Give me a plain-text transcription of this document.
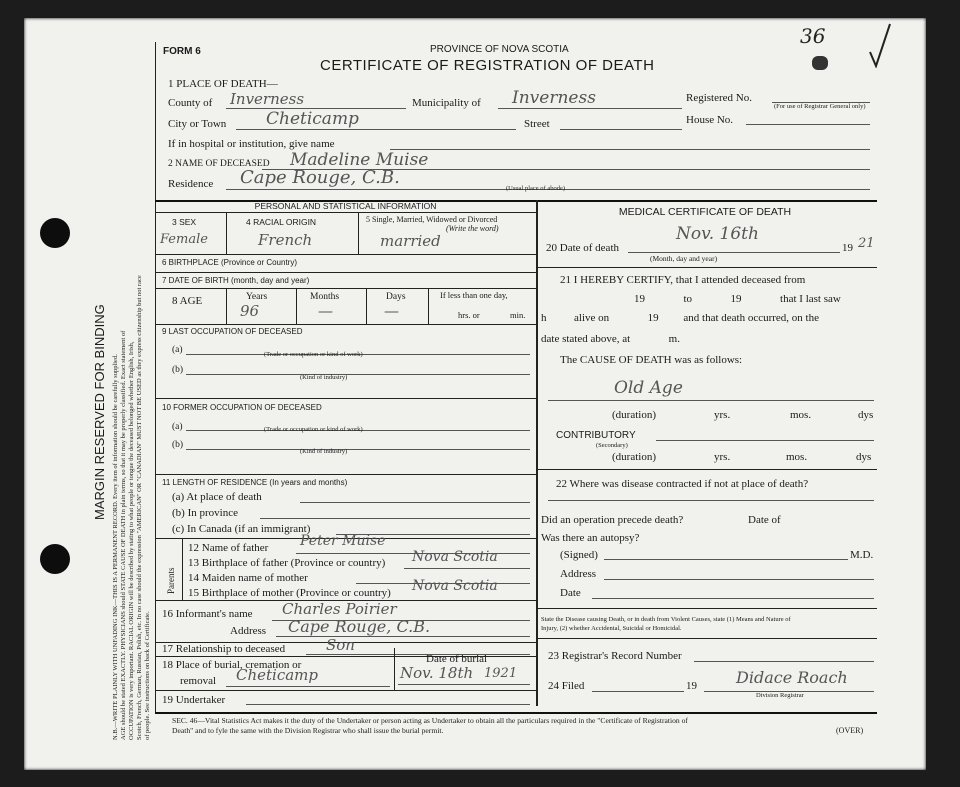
36
MARGIN RESERVED FOR BINDING N.B.—WRITE PLAINLY WITH UNFADING INK—THIS IS A PERMANENT RECORD. Every item of information should be carefully supplied. AGE should be stated EXACTLY. PHYSICIANS should STATE CAUSE OF DEATH in plain terms, so that it may be properly classified. Exact statement of OCCUPATION is very important. RACIAL ORIGIN will be described by stating to what people or tongue the deceased belonged whether English, Irish, Scotch, French, German, Russian, Polish, etc. In no case should the expression "AMERICAN" OR "CANADIAN" MUST NOT BE USED as they express citizenship but not race of people. See instructions on back of Certificate.
FORM 6	PROVINCE OF NOVA SCOTIA
CERTIFICATE OF REGISTRATION OF DEATH
1 PLACE OF DEATH—
County of Inverness	Municipality of Inverness	Registered No.
(For use of Registrar General only)
City or Town Cheticamp	Street	House No.
If in hospital or institution, give name
2 NAME OF DECEASED Madeline Muise
Residence Cape Rouge, C.B.
(Usual place of abode)
PERSONAL AND STATISTICAL INFORMATION
3 SEX
Female
4 RACIAL ORIGIN
French
5 Single, Married, Widowed or Divorced
(Write the word)
married
6 BIRTHPLACE (Province or Country)
7 DATE OF BIRTH (month, day and year)
8 AGE	Years
96
Months
—
Days
—
If less than one day,
hrs. or	min.
9 LAST OCCUPATION OF DECEASED
(a)	(Trade or occupation or kind of work)
(b)
(Kind of industry)
10 FORMER OCCUPATION OF DECEASED
(a)	(Trade or occupation or kind of work)
(b)
(Kind of industry)
11 LENGTH OF RESIDENCE (In years and months)
(a) At place of death
(b) In province
(c) In Canada (if an immigrant)
Parents
12 Name of father Peter Muise
13 Birthplace of father (Province or country) Nova Scotia
14 Maiden name of mother
15 Birthplace of mother (Province or country) Nova Scotia
16 Informant's name Charles Poirier
Address Cape Rouge, C.B.
17 Relationship to deceased	Son
18 Place of burial, cremation or
removal Cheticamp
Date of burial
Nov. 18th 1921
19 Undertaker
MEDICAL CERTIFICATE OF DEATH
20 Date of death
Nov. 16th
19 21
(Month, day and year)
21 I HEREBY CERTIFY, that I attended deceased from
19              to              19              that I last saw
h          alive on              19         and that death occurred, on the
date stated above, at              m.
The CAUSE OF DEATH was as follows:
Old Age
(duration)	yrs.	mos.	dys
CONTRIBUTORY
(Secondary)
(duration)	yrs.	mos.	dys
22 Where was disease contracted if not at place of death?
Did an operation precede death?	Date of
Was there an autopsy?
(Signed)	M.D.
Address
Date
State the Disease causing Death, or in death from Violent Causes, state (1) Means and Nature of
Injury, (2) whether Accidental, Suicidal or Homicidal.
23 Registrar's Record Number
24 Filed	19 Didace Roach
Division Registrar
SEC. 46—Vital Statistics Act makes it the duty of the Undertaker or person acting as Undertaker to obtain all the particulars required in the "Certificate of Registration of
Death" and to fyle the same with the Division Registrar who shall issue the burial permit.	(OVER)
